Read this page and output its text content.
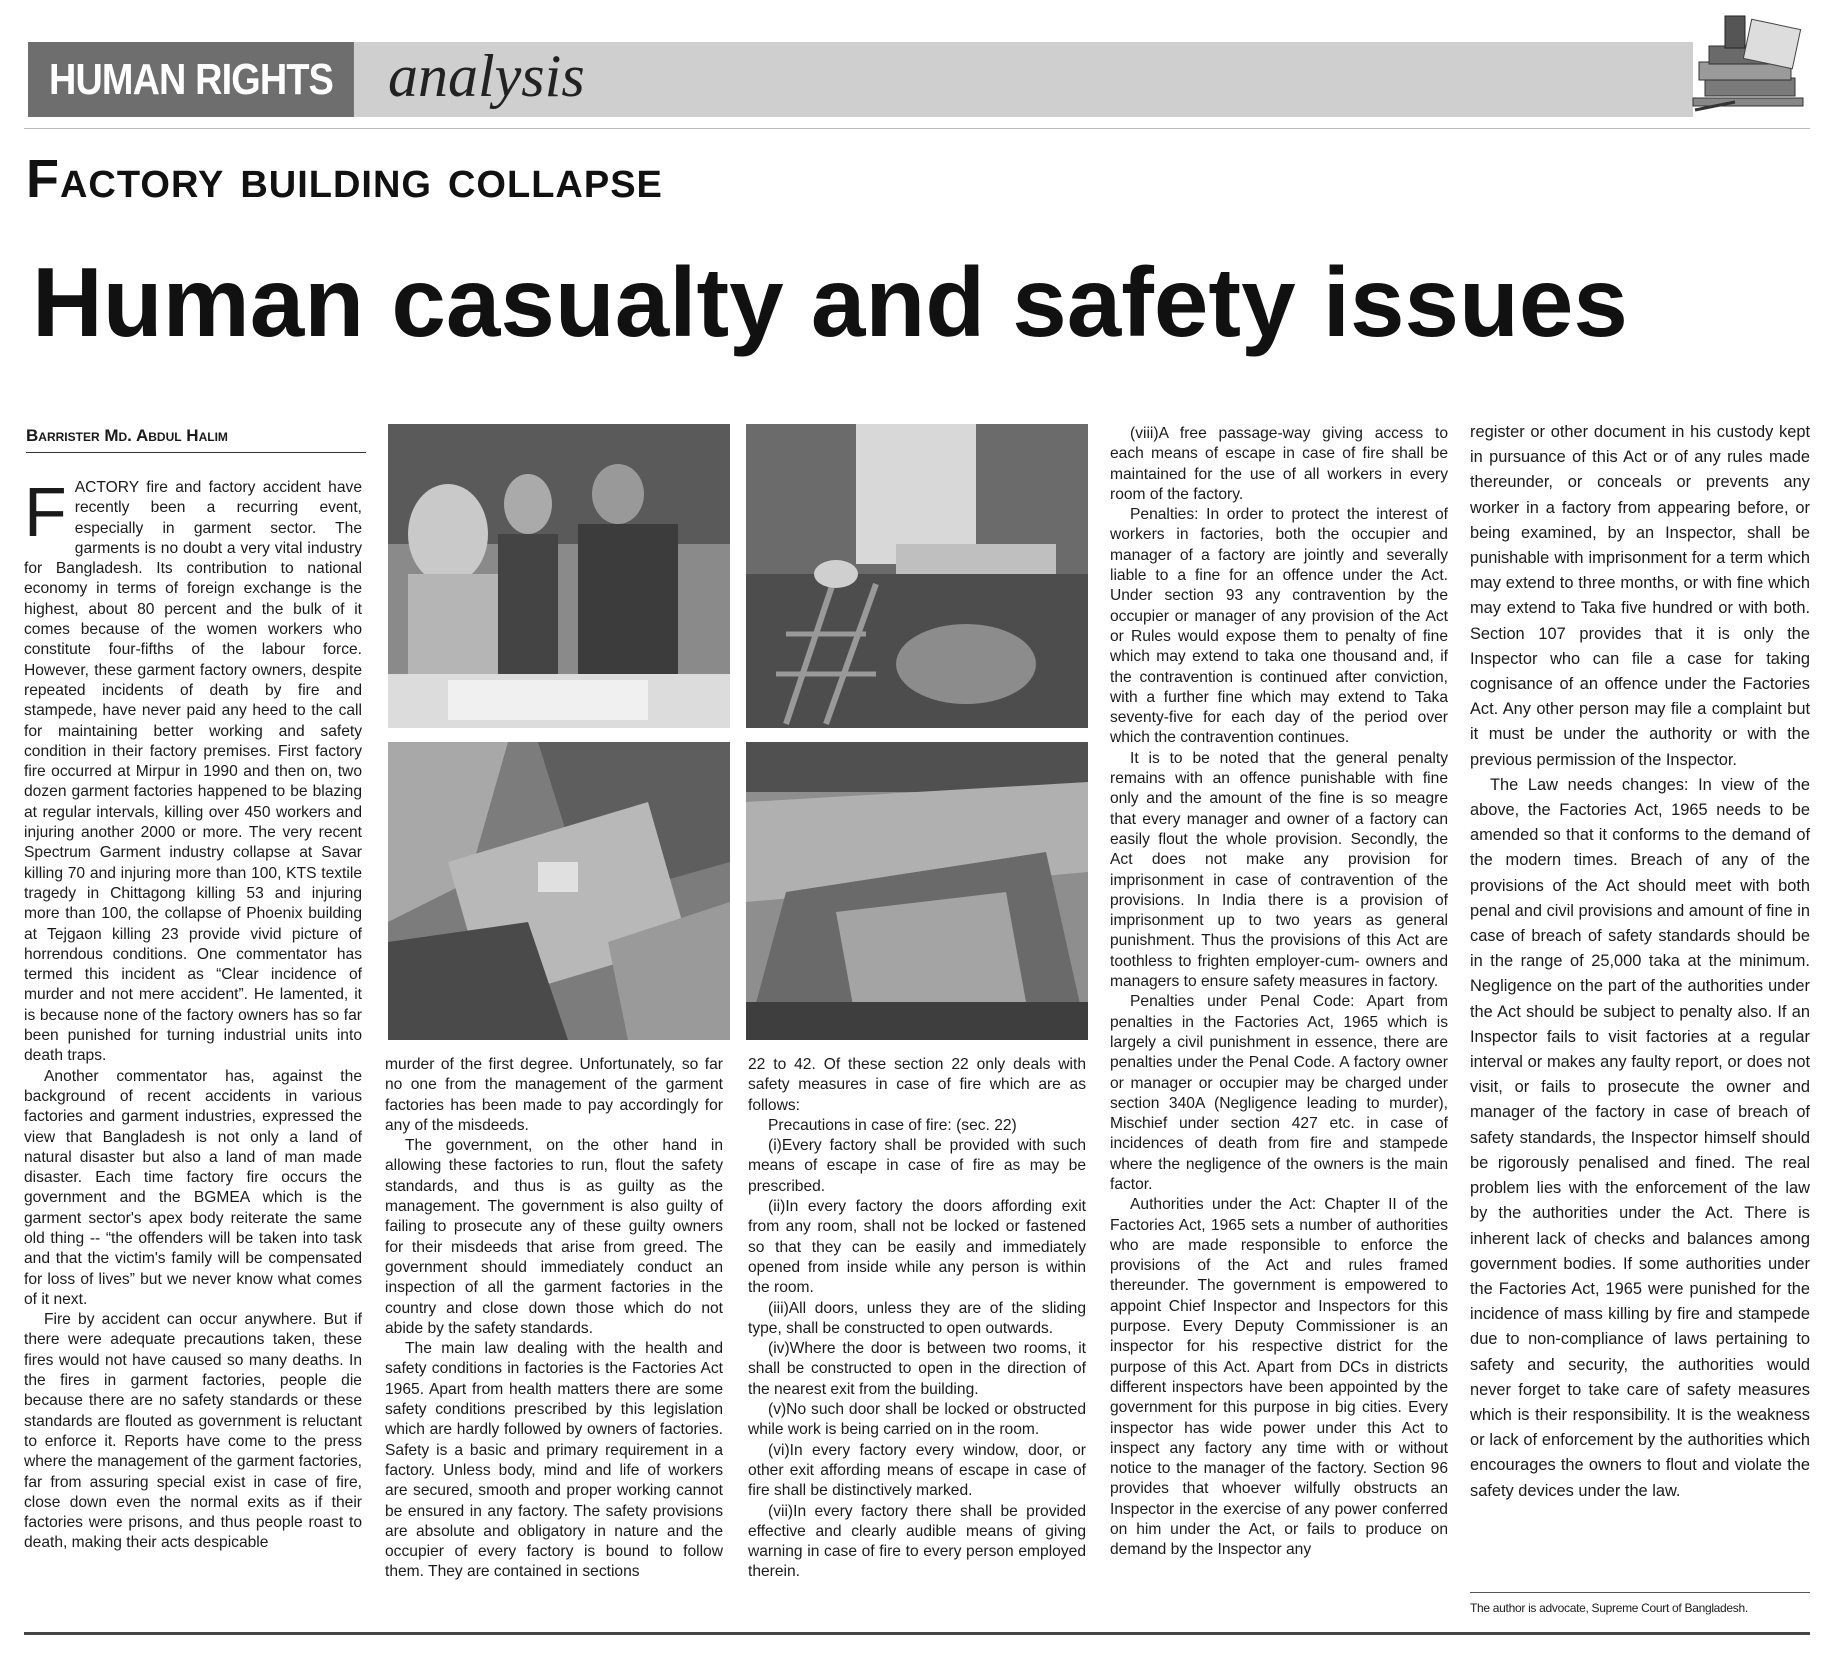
HUMAN RIGHTS analysis
Factory building collapse
Human casualty and safety issues
Barrister Md. Abdul Halim

FACTORY fire and factory accident have recently been a recurring event, especially in garment sector. The garments is no doubt a very vital industry for Bangladesh. Its contribution to national economy in terms of foreign exchange is the highest, about 80 percent and the bulk of it comes because of the women workers who constitute four-fifths of the labour force. However, these garment factory owners, despite repeated incidents of death by fire and stampede, have never paid any heed to the call for maintaining better working and safety condition in their factory premises. First factory fire occurred at Mirpur in 1990 and then on, two dozen garment factories happened to be blazing at regular intervals, killing over 450 workers and injuring another 2000 or more. The very recent Spectrum Garment industry collapse at Savar killing 70 and injuring more than 100, KTS textile tragedy in Chittagong killing 53 and injuring more than 100, the collapse of Phoenix building at Tejgaon killing 23 provide vivid picture of horrendous conditions. One commentator has termed this incident as “Clear incidence of murder and not mere accident”. He lamented, it is because none of the factory owners has so far been punished for turning industrial units into death traps.

Another commentator has, against the background of recent accidents in various factories and garment industries, expressed the view that Bangladesh is not only a land of natural disaster but also a land of man made disaster. Each time factory fire occurs the government and the BGMEA which is the garment sector's apex body reiterate the same old thing -- “the offenders will be taken into task and that the victim's family will be compensated for loss of lives” but we never know what comes of it next.

Fire by accident can occur anywhere. But if there were adequate precautions taken, these fires would not have caused so many deaths. In the fires in garment factories, people die because there are no safety standards or these standards are flouted as government is reluctant to enforce it. Reports have come to the press where the management of the garment factories, far from assuring special exist in case of fire, close down even the normal exits as if their factories were prisons, and thus people roast to death, making their acts despicable

murder of the first degree. Unfortunately, so far no one from the management of the garment factories has been made to pay accordingly for any of the misdeeds.

The government, on the other hand in allowing these factories to run, flout the safety standards, and thus is as guilty as the management. The government is also guilty of failing to prosecute any of these guilty owners for their misdeeds that arise from greed. The government should immediately conduct an inspection of all the garment factories in the country and close down those which do not abide by the safety standards.

The main law dealing with the health and safety conditions in factories is the Factories Act 1965. Apart from health matters there are some safety conditions prescribed by this legislation which are hardly followed by owners of factories. Safety is a basic and primary requirement in a factory. Unless body, mind and life of workers are secured, smooth and proper working cannot be ensured in any factory. The safety provisions are absolute and obligatory in nature and the occupier of every factory is bound to follow them. They are contained in sections

22 to 42. Of these section 22 only deals with safety measures in case of fire which are as follows:

Precautions in case of fire: (sec. 22)

(i)Every factory shall be provided with such means of escape in case of fire as may be prescribed.

(ii)In every factory the doors affording exit from any room, shall not be locked or fastened so that they can be easily and immediately opened from inside while any person is within the room.

(iii)All doors, unless they are of the sliding type, shall be constructed to open outwards.

(iv)Where the door is between two rooms, it shall be constructed to open in the direction of the nearest exit from the building.

(v)No such door shall be locked or obstructed while work is being carried on in the room.

(vi)In every factory every window, door, or other exit affording means of escape in case of fire shall be distinctively marked.

(vii)In every factory there shall be provided effective and clearly audible means of giving warning in case of fire to every person employed therein.

(viii)A free passage-way giving access to each means of escape in case of fire shall be maintained for the use of all workers in every room of the factory.

Penalties: In order to protect the interest of workers in factories, both the occupier and manager of a factory are jointly and severally liable to a fine for an offence under the Act. Under section 93 any contravention by the occupier or manager of any provision of the Act or Rules would expose them to penalty of fine which may extend to taka one thousand and, if the contravention is continued after conviction, with a further fine which may extend to Taka seventy-five for each day of the period over which the contravention continues.

It is to be noted that the general penalty remains with an offence punishable with fine only and the amount of the fine is so meagre that every manager and owner of a factory can easily flout the whole provision. Secondly, the Act does not make any provision for imprisonment in case of contravention of the provisions. In India there is a provision of imprisonment up to two years as general punishment. Thus the provisions of this Act are toothless to frighten employer-cum- owners and managers to ensure safety measures in factory.

Penalties under Penal Code: Apart from penalties in the Factories Act, 1965 which is largely a civil punishment in essence, there are penalties under the Penal Code. A factory owner or manager or occupier may be charged under section 340A (Negligence leading to murder), Mischief under section 427 etc. in case of incidences of death from fire and stampede where the negligence of the owners is the main factor.

Authorities under the Act: Chapter II of the Factories Act, 1965 sets a number of authorities who are made responsible to enforce the provisions of the Act and rules framed thereunder. The government is empowered to appoint Chief Inspector and Inspectors for this purpose. Every Deputy Commissioner is an inspector for his respective district for the purpose of this Act. Apart from DCs in districts different inspectors have been appointed by the government for this purpose in big cities. Every inspector has wide power under this Act to inspect any factory any time with or without notice to the manager of the factory. Section 96 provides that whoever wilfully obstructs an Inspector in the exercise of any power conferred on him under the Act, or fails to produce on demand by the Inspector any

register or other document in his custody kept in pursuance of this Act or of any rules made thereunder, or conceals or prevents any worker in a factory from appearing before, or being examined, by an Inspector, shall be punishable with imprisonment for a term which may extend to three months, or with fine which may extend to Taka five hundred or with both. Section 107 provides that it is only the Inspector who can file a case for taking cognisance of an offence under the Factories Act. Any other person may file a complaint but it must be under the authority or with the previous permission of the Inspector.

The Law needs changes: In view of the above, the Factories Act, 1965 needs to be amended so that it conforms to the demand of the modern times. Breach of any of the provisions of the Act should meet with both penal and civil provisions and amount of fine in case of breach of safety standards should be in the range of 25,000 taka at the minimum. Negligence on the part of the authorities under the Act should be subject to penalty also. If an Inspector fails to visit factories at a regular interval or makes any faulty report, or does not visit, or fails to prosecute the owner and manager of the factory in case of breach of safety standards, the Inspector himself should be rigorously penalised and fined. The real problem lies with the enforcement of the law by the authorities under the Act. There is inherent lack of checks and balances among government bodies. If some authorities under the Factories Act, 1965 were punished for the incidence of mass killing by fire and stampede due to non-compliance of laws pertaining to safety and security, the authorities would never forget to take care of safety measures which is their responsibility. It is the weakness or lack of enforcement by the authorities which encourages the owners to flout and violate the safety devices under the law.

The author is advocate, Supreme Court of Bangladesh.
